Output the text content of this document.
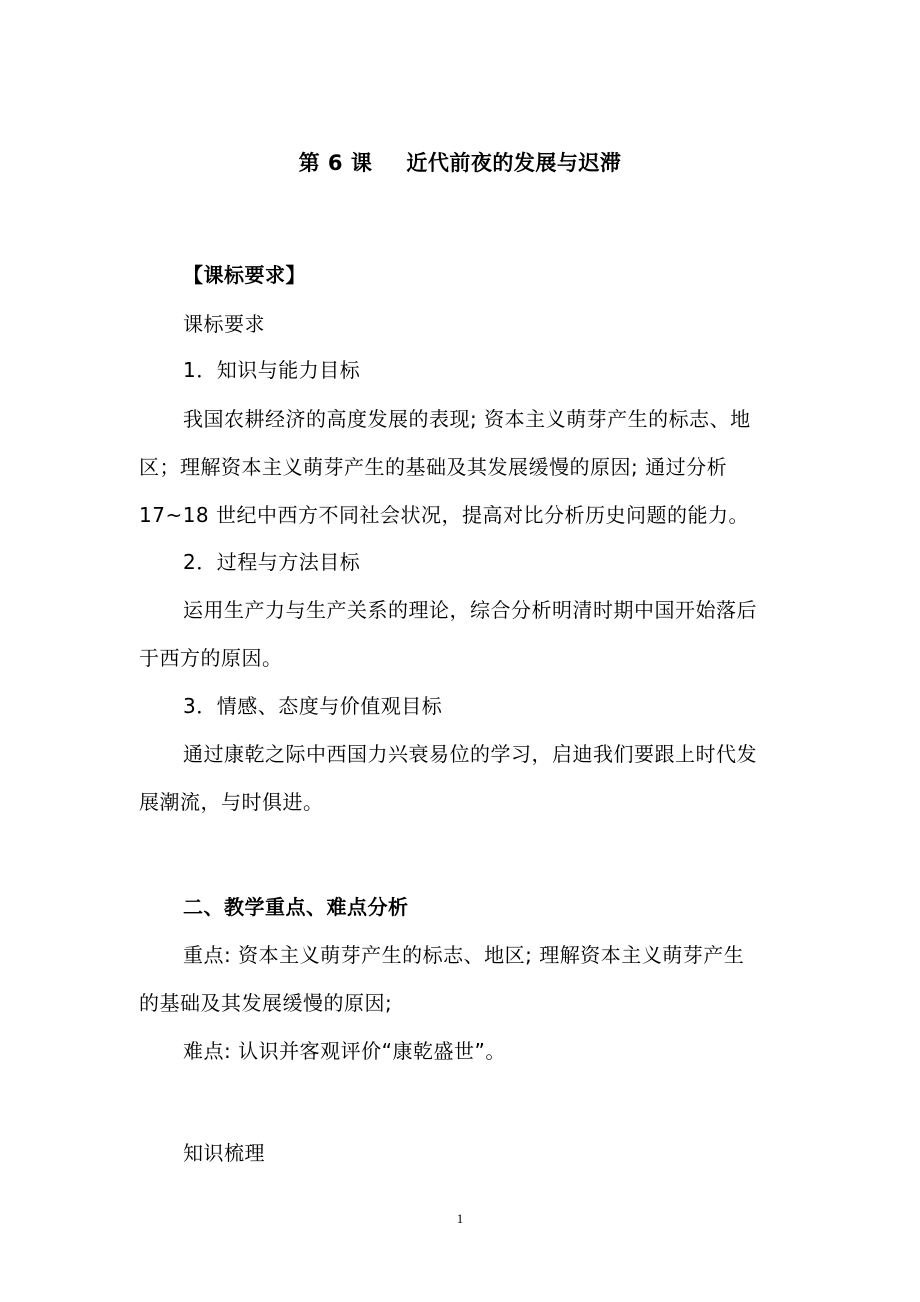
第 6 课 近代前夜的发展与迟滞

【课标要求】

课标要求

1．知识与能力目标

我国农耕经济的高度发展的表现; 资本主义萌芽产生的标志、地

区；理解资本主义萌芽产生的基础及其发展缓慢的原因; 通过分析

17~18 世纪中西方不同社会状况，提高对比分析历史问题的能力。

2．过程与方法目标

运用生产力与生产关系的理论，综合分析明清时期中国开始落后

于西方的原因。

3．情感、态度与价值观目标

通过康乾之际中西国力兴衰易位的学习，启迪我们要跟上时代发

展潮流，与时俱进。

二、教学重点、难点分析

重点: 资本主义萌芽产生的标志、地区; 理解资本主义萌芽产生

的基础及其发展缓慢的原因;

难点: 认识并客观评价“康乾盛世”。

知识梳理

1
